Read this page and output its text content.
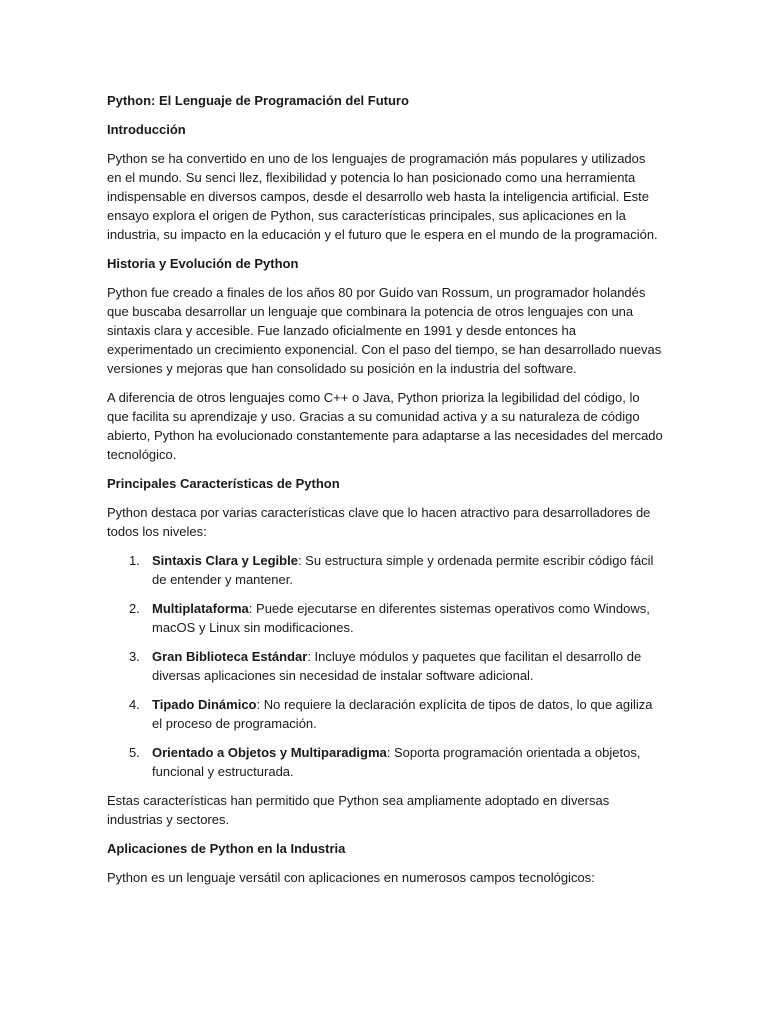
Python: El Lenguaje de Programación del Futuro

Introducción

Python se ha convertido en uno de los lenguajes de programación más populares y utilizados en el mundo. Su senci llez, flexibilidad y potencia lo han posicionado como una herramienta indispensable en diversos campos, desde el desarrollo web hasta la inteligencia artificial. Este ensayo explora el origen de Python, sus características principales, sus aplicaciones en la industria, su impacto en la educación y el futuro que le espera en el mundo de la programación.

Historia y Evolución de Python

Python fue creado a finales de los años 80 por Guido van Rossum, un programador holandés que buscaba desarrollar un lenguaje que combinara la potencia de otros lenguajes con una sintaxis clara y accesible. Fue lanzado oficialmente en 1991 y desde entonces ha experimentado un crecimiento exponencial. Con el paso del tiempo, se han desarrollado nuevas versiones y mejoras que han consolidado su posición en la industria del software.

A diferencia de otros lenguajes como C++ o Java, Python prioriza la legibilidad del código, lo que facilita su aprendizaje y uso. Gracias a su comunidad activa y a su naturaleza de código abierto, Python ha evolucionado constantemente para adaptarse a las necesidades del mercado tecnológico.

Principales Características de Python

Python destaca por varias características clave que lo hacen atractivo para desarrolladores de todos los niveles:

1. Sintaxis Clara y Legible: Su estructura simple y ordenada permite escribir código fácil de entender y mantener.
2. Multiplataforma: Puede ejecutarse en diferentes sistemas operativos como Windows, macOS y Linux sin modificaciones.
3. Gran Biblioteca Estándar: Incluye módulos y paquetes que facilitan el desarrollo de diversas aplicaciones sin necesidad de instalar software adicional.
4. Tipado Dinámico: No requiere la declaración explícita de tipos de datos, lo que agiliza el proceso de programación.
5. Orientado a Objetos y Multiparadigma: Soporta programación orientada a objetos, funcional y estructurada.

Estas características han permitido que Python sea ampliamente adoptado en diversas industrias y sectores.

Aplicaciones de Python en la Industria

Python es un lenguaje versátil con aplicaciones en numerosos campos tecnológicos:
